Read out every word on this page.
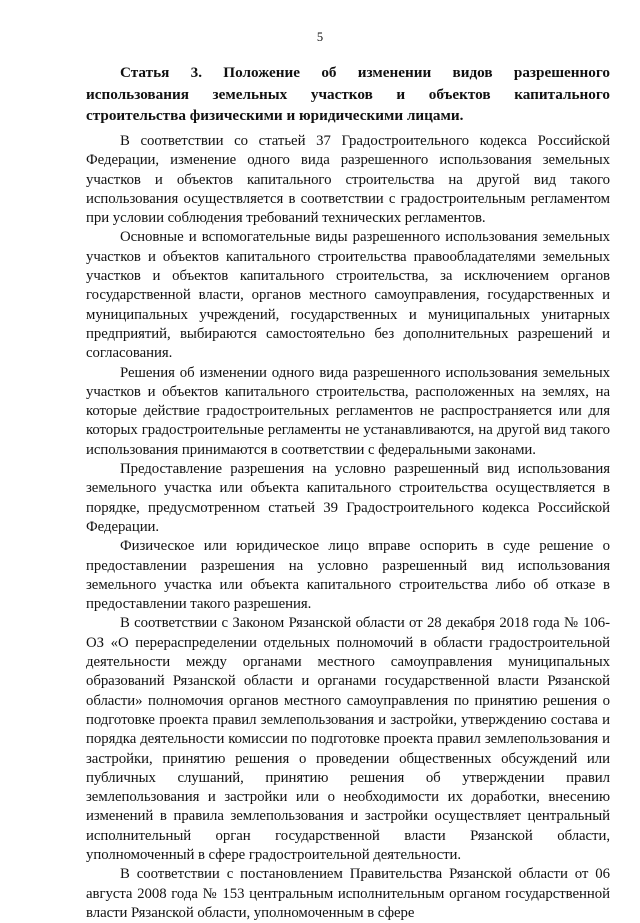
5

Статья 3. Положение об изменении видов разрешенного использования земельных участков и объектов капитального строительства физическими и юридическими лицами.

В соответствии со статьей 37 Градостроительного кодекса Российской Федерации, изменение одного вида разрешенного использования земельных участков и объектов капитального строительства на другой вид такого использования осуществляется в соответствии с градостроительным регламентом при условии соблюдения требований технических регламентов.

Основные и вспомогательные виды разрешенного использования земельных участков и объектов капитального строительства правообладателями земельных участков и объектов капитального строительства, за исключением органов государственной власти, органов местного самоуправления, государственных и муниципальных учреждений, государственных и муниципальных унитарных предприятий, выбираются самостоятельно без дополнительных разрешений и согласования.

Решения об изменении одного вида разрешенного использования земельных участков и объектов капитального строительства, расположенных на землях, на которые действие градостроительных регламентов не распространяется или для которых градостроительные регламенты не устанавливаются, на другой вид такого использования принимаются в соответствии с федеральными законами.

Предоставление разрешения на условно разрешенный вид использования земельного участка или объекта капитального строительства осуществляется в порядке, предусмотренном статьей 39 Градостроительного кодекса Российской Федерации.

Физическое или юридическое лицо вправе оспорить в суде решение о предоставлении разрешения на условно разрешенный вид использования земельного участка или объекта капитального строительства либо об отказе в предоставлении такого разрешения.

В соответствии с Законом Рязанской области от 28 декабря 2018 года № 106-ОЗ «О перераспределении отдельных полномочий в области градостроительной деятельности между органами местного самоуправления муниципальных образований Рязанской области и органами государственной власти Рязанской области» полномочия органов местного самоуправления по принятию решения о подготовке проекта правил землепользования и застройки, утверждению состава и порядка деятельности комиссии по подготовке проекта правил землепользования и застройки, принятию решения о проведении общественных обсуждений или публичных слушаний, принятию решения об утверждении правил землепользования и застройки или о необходимости их доработки, внесению изменений в правила землепользования и застройки осуществляет центральный исполнительный орган государственной власти Рязанской области, уполномоченный в сфере градостроительной деятельности.

В соответствии с постановлением Правительства Рязанской области от 06 августа 2008 года № 153 центральным исполнительным органом государственной власти Рязанской области, уполномоченным в сфере
